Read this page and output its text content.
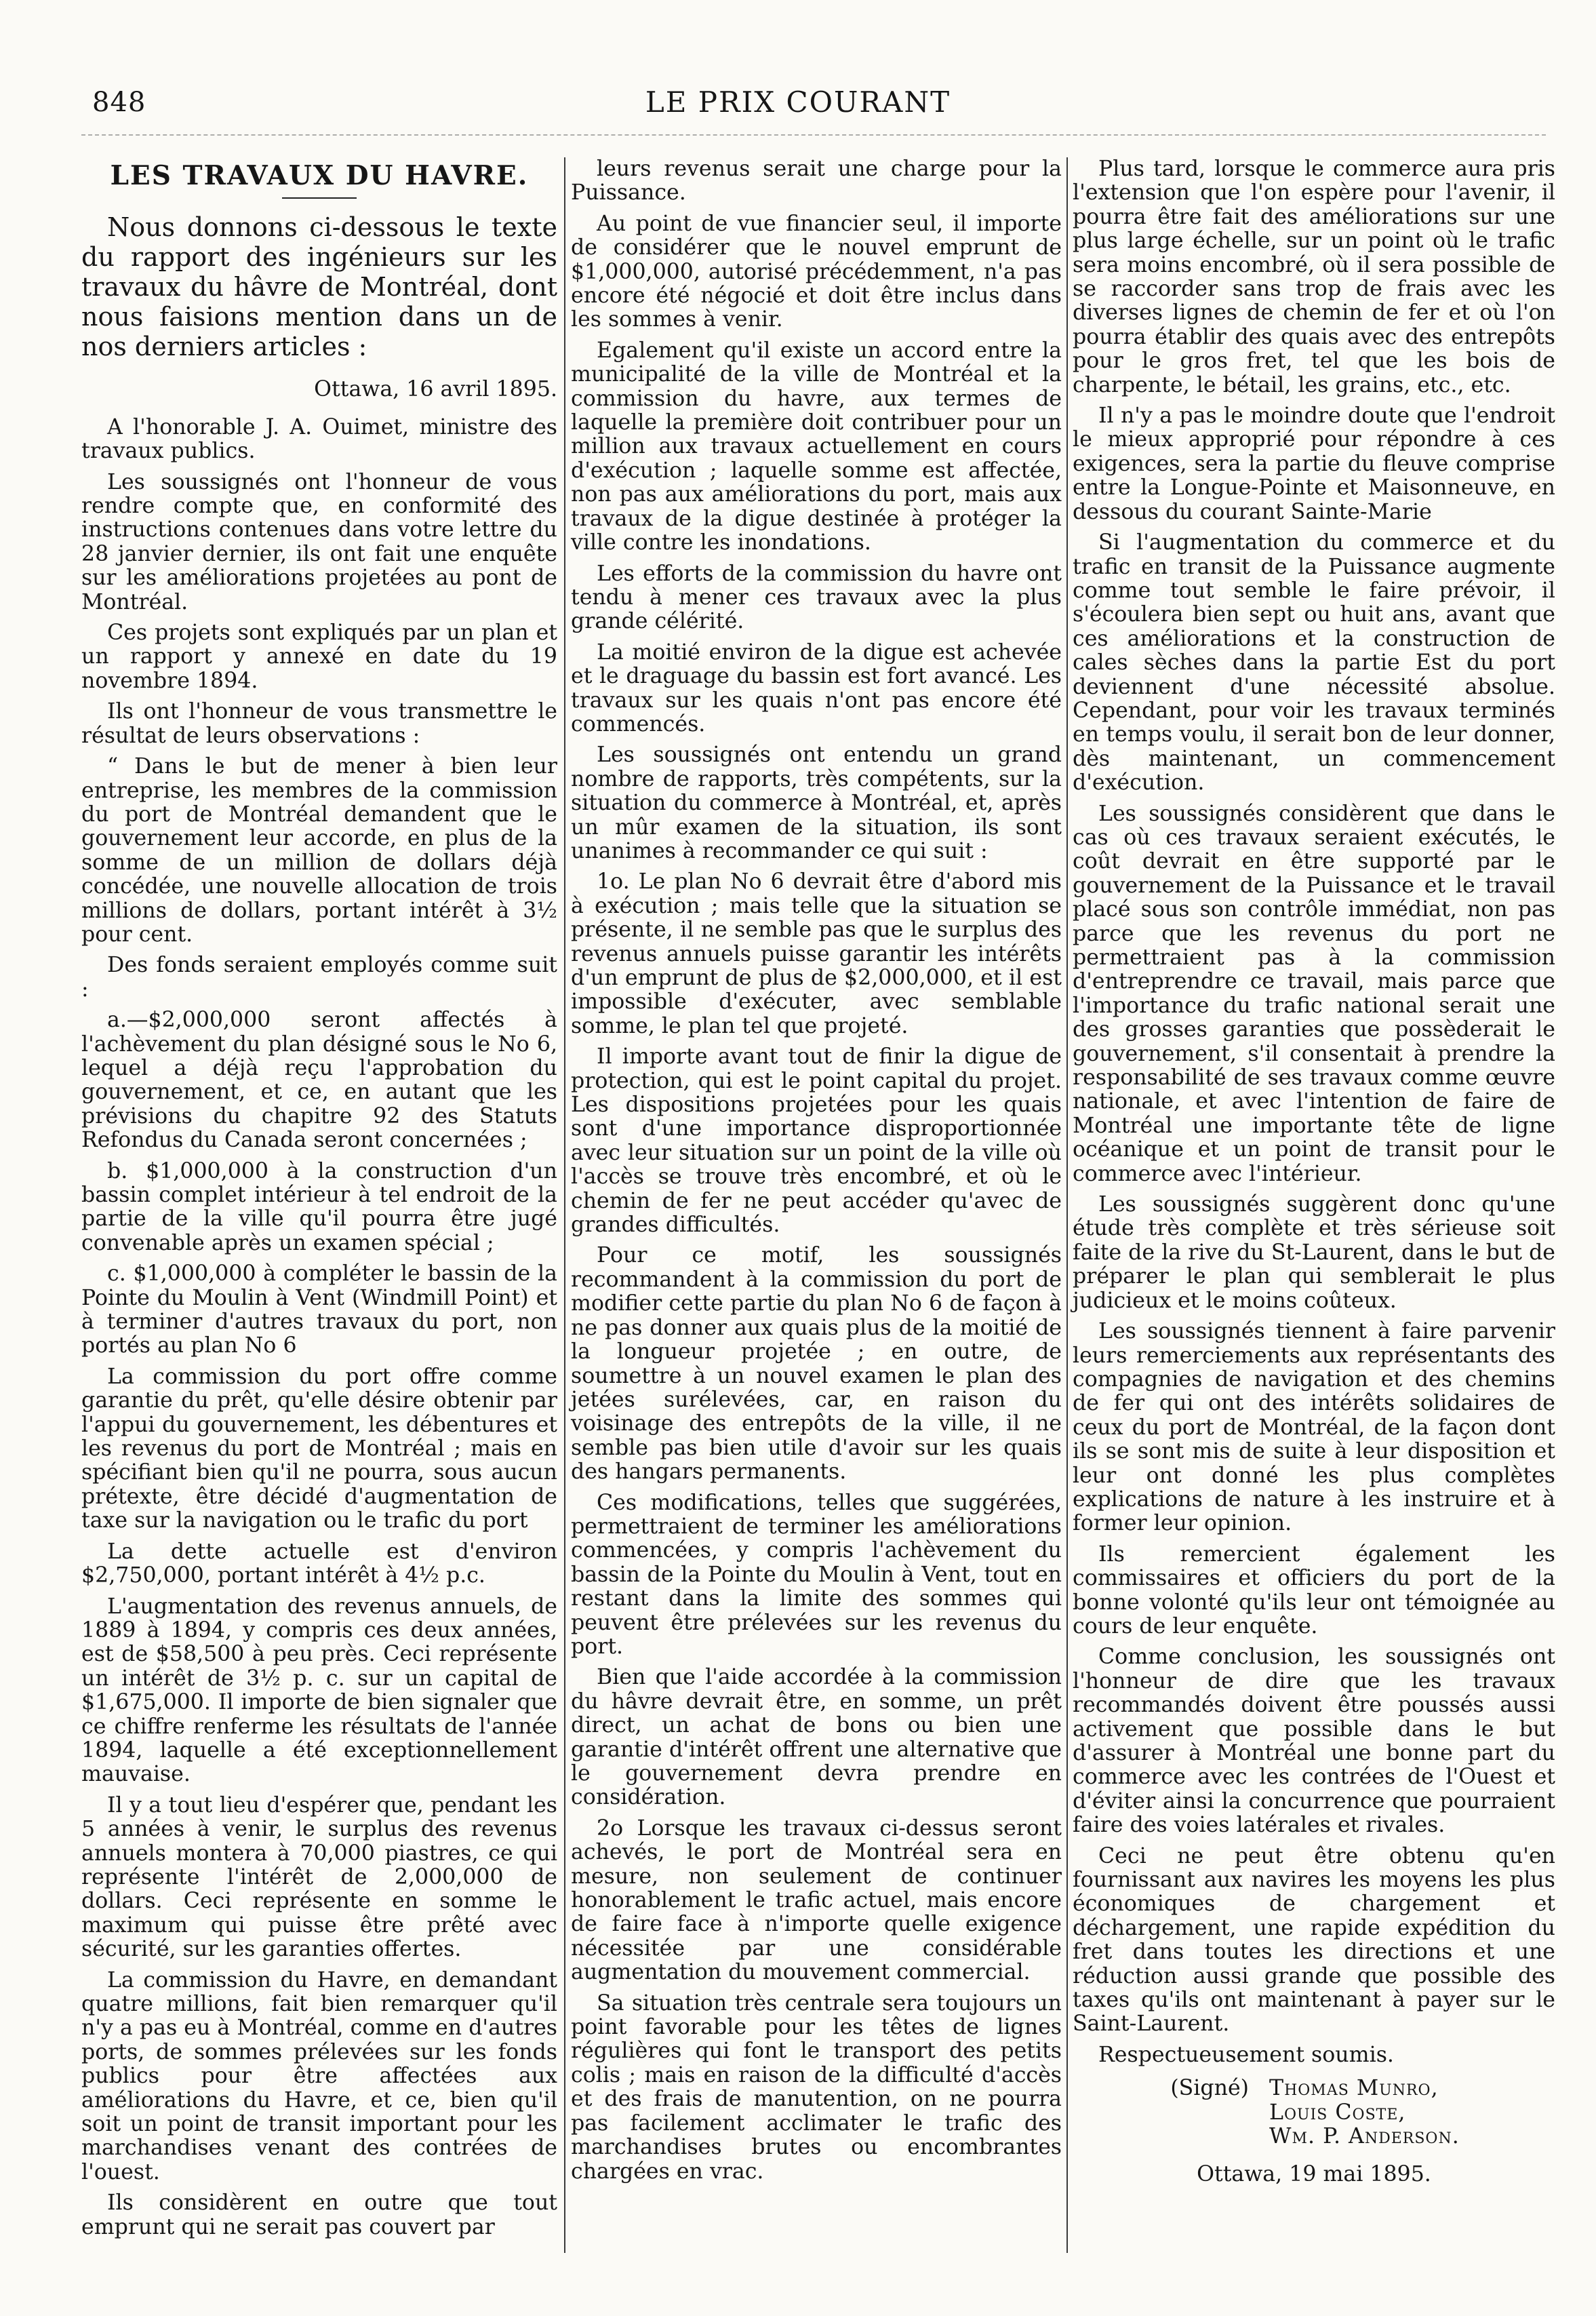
848	LE PRIX COURANT
LES TRAVAUX DU HAVRE.

Nous donnons ci-dessous le texte du rapport des ingénieurs sur les travaux du hâvre de Montréal, dont nous faisions mention dans un de nos derniers articles :

Ottawa, 16 avril 1895.

A l'honorable J. A. Ouimet, ministre des travaux publics.

Les soussignés ont l'honneur de vous rendre compte que, en conformité des instructions contenues dans votre lettre du 28 janvier dernier, ils ont fait une enquête sur les améliorations projetées au pont de Montréal.

Ces projets sont expliqués par un plan et un rapport y annexé en date du 19 novembre 1894.

Ils ont l'honneur de vous transmettre le résultat de leurs observations :

“ Dans le but de mener à bien leur entreprise, les membres de la commission du port de Montréal demandent que le gouvernement leur accorde, en plus de la somme de un million de dollars déjà concédée, une nouvelle allocation de trois millions de dollars, portant intérêt à 3½ pour cent.

Des fonds seraient employés comme suit :

a.—$2,000,000 seront affectés à l'achèvement du plan désigné sous le No 6, lequel a déjà reçu l'approbation du gouvernement, et ce, en autant que les prévisions du chapitre 92 des Statuts Refondus du Canada seront concernées ;

b. $1,000,000 à la construction d'un bassin complet intérieur à tel endroit de la partie de la ville qu'il pourra être jugé convenable après un examen spécial ;

c. $1,000,000 à compléter le bassin de la Pointe du Moulin à Vent (Windmill Point) et à terminer d'autres travaux du port, non portés au plan No 6

La commission du port offre comme garantie du prêt, qu'elle désire obtenir par l'appui du gouvernement, les débentures et les revenus du port de Montréal ; mais en spécifiant bien qu'il ne pourra, sous aucun prétexte, être décidé d'augmentation de taxe sur la navigation ou le trafic du port

La dette actuelle est d'environ $2,750,000, portant intérêt à 4½ p.c.

L'augmentation des revenus annuels, de 1889 à 1894, y compris ces deux années, est de $58,500 à peu près. Ceci représente un intérêt de 3½ p. c. sur un capital de $1,675,000. Il importe de bien signaler que ce chiffre renferme les résultats de l'année 1894, laquelle a été exceptionnellement mauvaise.

Il y a tout lieu d'espérer que, pendant les 5 années à venir, le surplus des revenus annuels montera à 70,000 piastres, ce qui représente l'intérêt de 2,000,000 de dollars. Ceci représente en somme le maximum qui puisse être prêté avec sécurité, sur les garanties offertes.

La commission du Havre, en demandant quatre millions, fait bien remarquer qu'il n'y a pas eu à Montréal, comme en d'autres ports, de sommes prélevées sur les fonds publics pour être affectées aux améliorations du Havre, et ce, bien qu'il soit un point de transit important pour les marchandises venant des contrées de l'ouest.

Ils considèrent en outre que tout emprunt qui ne serait pas couvert par

leurs revenus serait une charge pour la Puissance.

Au point de vue financier seul, il importe de considérer que le nouvel emprunt de $1,000,000, autorisé précédemment, n'a pas encore été négocié et doit être inclus dans les sommes à venir.

Egalement qu'il existe un accord entre la municipalité de la ville de Montréal et la commission du havre, aux termes de laquelle la première doit contribuer pour un million aux travaux actuellement en cours d'exécution ; laquelle somme est affectée, non pas aux améliorations du port, mais aux travaux de la digue destinée à protéger la ville contre les inondations.

Les efforts de la commission du havre ont tendu à mener ces travaux avec la plus grande célérité.

La moitié environ de la digue est achevée et le draguage du bassin est fort avancé. Les travaux sur les quais n'ont pas encore été commencés.

Les soussignés ont entendu un grand nombre de rapports, très compétents, sur la situation du commerce à Montréal, et, après un mûr examen de la situation, ils sont unanimes à recommander ce qui suit :

1o. Le plan No 6 devrait être d'abord mis à exécution ; mais telle que la situation se présente, il ne semble pas que le surplus des revenus annuels puisse garantir les intérêts d'un emprunt de plus de $2,000,000, et il est impossible d'exécuter, avec semblable somme, le plan tel que projeté.

Il importe avant tout de finir la digue de protection, qui est le point capital du projet. Les dispositions projetées pour les quais sont d'une importance disproportionnée avec leur situation sur un point de la ville où l'accès se trouve très encombré, et où le chemin de fer ne peut accéder qu'avec de grandes difficultés.

Pour ce motif, les soussignés recommandent à la commission du port de modifier cette partie du plan No 6 de façon à ne pas donner aux quais plus de la moitié de la longueur projetée ; en outre, de soumettre à un nouvel examen le plan des jetées surélevées, car, en raison du voisinage des entrepôts de la ville, il ne semble pas bien utile d'avoir sur les quais des hangars permanents.

Ces modifications, telles que suggérées, permettraient de terminer les améliorations commencées, y compris l'achèvement du bassin de la Pointe du Moulin à Vent, tout en restant dans la limite des sommes qui peuvent être prélevées sur les revenus du port.

Bien que l'aide accordée à la commission du hâvre devrait être, en somme, un prêt direct, un achat de bons ou bien une garantie d'intérêt offrent une alternative que le gouvernement devra prendre en considération.

2o Lorsque les travaux ci-dessus seront achevés, le port de Montréal sera en mesure, non seulement de continuer honorablement le trafic actuel, mais encore de faire face à n'importe quelle exigence nécessitée par une considérable augmentation du mouvement commercial.

Sa situation très centrale sera toujours un point favorable pour les têtes de lignes régulières qui font le transport des petits colis ; mais en raison de la difficulté d'accès et des frais de manutention, on ne pourra pas facilement acclimater le trafic des marchandises brutes ou encombrantes chargées en vrac.

Plus tard, lorsque le commerce aura pris l'extension que l'on espère pour l'avenir, il pourra être fait des améliorations sur une plus large échelle, sur un point où le trafic sera moins encombré, où il sera possible de se raccorder sans trop de frais avec les diverses lignes de chemin de fer et où l'on pourra établir des quais avec des entrepôts pour le gros fret, tel que les bois de charpente, le bétail, les grains, etc., etc.

Il n'y a pas le moindre doute que l'endroit le mieux approprié pour répondre à ces exigences, sera la partie du fleuve comprise entre la Longue-Pointe et Maisonneuve, en dessous du courant Sainte-Marie

Si l'augmentation du commerce et du trafic en transit de la Puissance augmente comme tout semble le faire prévoir, il s'écoulera bien sept ou huit ans, avant que ces améliorations et la construction de cales sèches dans la partie Est du port deviennent d'une nécessité absolue. Cependant, pour voir les travaux terminés en temps voulu, il serait bon de leur donner, dès maintenant, un commencement d'exécution.

Les soussignés considèrent que dans le cas où ces travaux seraient exécutés, le coût devrait en être supporté par le gouvernement de la Puissance et le travail placé sous son contrôle immédiat, non pas parce que les revenus du port ne permettraient pas à la commission d'entreprendre ce travail, mais parce que l'importance du trafic national serait une des grosses garanties que possèderait le gouvernement, s'il consentait à prendre la responsabilité de ses travaux comme œuvre nationale, et avec l'intention de faire de Montréal une importante tête de ligne océanique et un point de transit pour le commerce avec l'intérieur.

Les soussignés suggèrent donc qu'une étude très complète et très sérieuse soit faite de la rive du St-Laurent, dans le but de préparer le plan qui semblerait le plus judicieux et le moins coûteux.

Les soussignés tiennent à faire parvenir leurs remerciements aux représentants des compagnies de navigation et des chemins de fer qui ont des intérêts solidaires de ceux du port de Montréal, de la façon dont ils se sont mis de suite à leur disposition et leur ont donné les plus complètes explications de nature à les instruire et à former leur opinion.

Ils remercient également les commissaires et officiers du port de la bonne volonté qu'ils leur ont témoignée au cours de leur enquête.

Comme conclusion, les soussignés ont l'honneur de dire que les travaux recommandés doivent être poussés aussi activement que possible dans le but d'assurer à Montréal une bonne part du commerce avec les contrées de l'Ouest et d'éviter ainsi la concurrence que pourraient faire des voies latérales et rivales.

Ceci ne peut être obtenu qu'en fournissant aux navires les moyens les plus économiques de chargement et déchargement, une rapide expédition du fret dans toutes les directions et une réduction aussi grande que possible des taxes qu'ils ont maintenant à payer sur le Saint-Laurent.

Respectueusement soumis.

(Signé) Thomas Munro,
Louis Coste,
Wm. P. Anderson.
Ottawa, 19 mai 1895.
